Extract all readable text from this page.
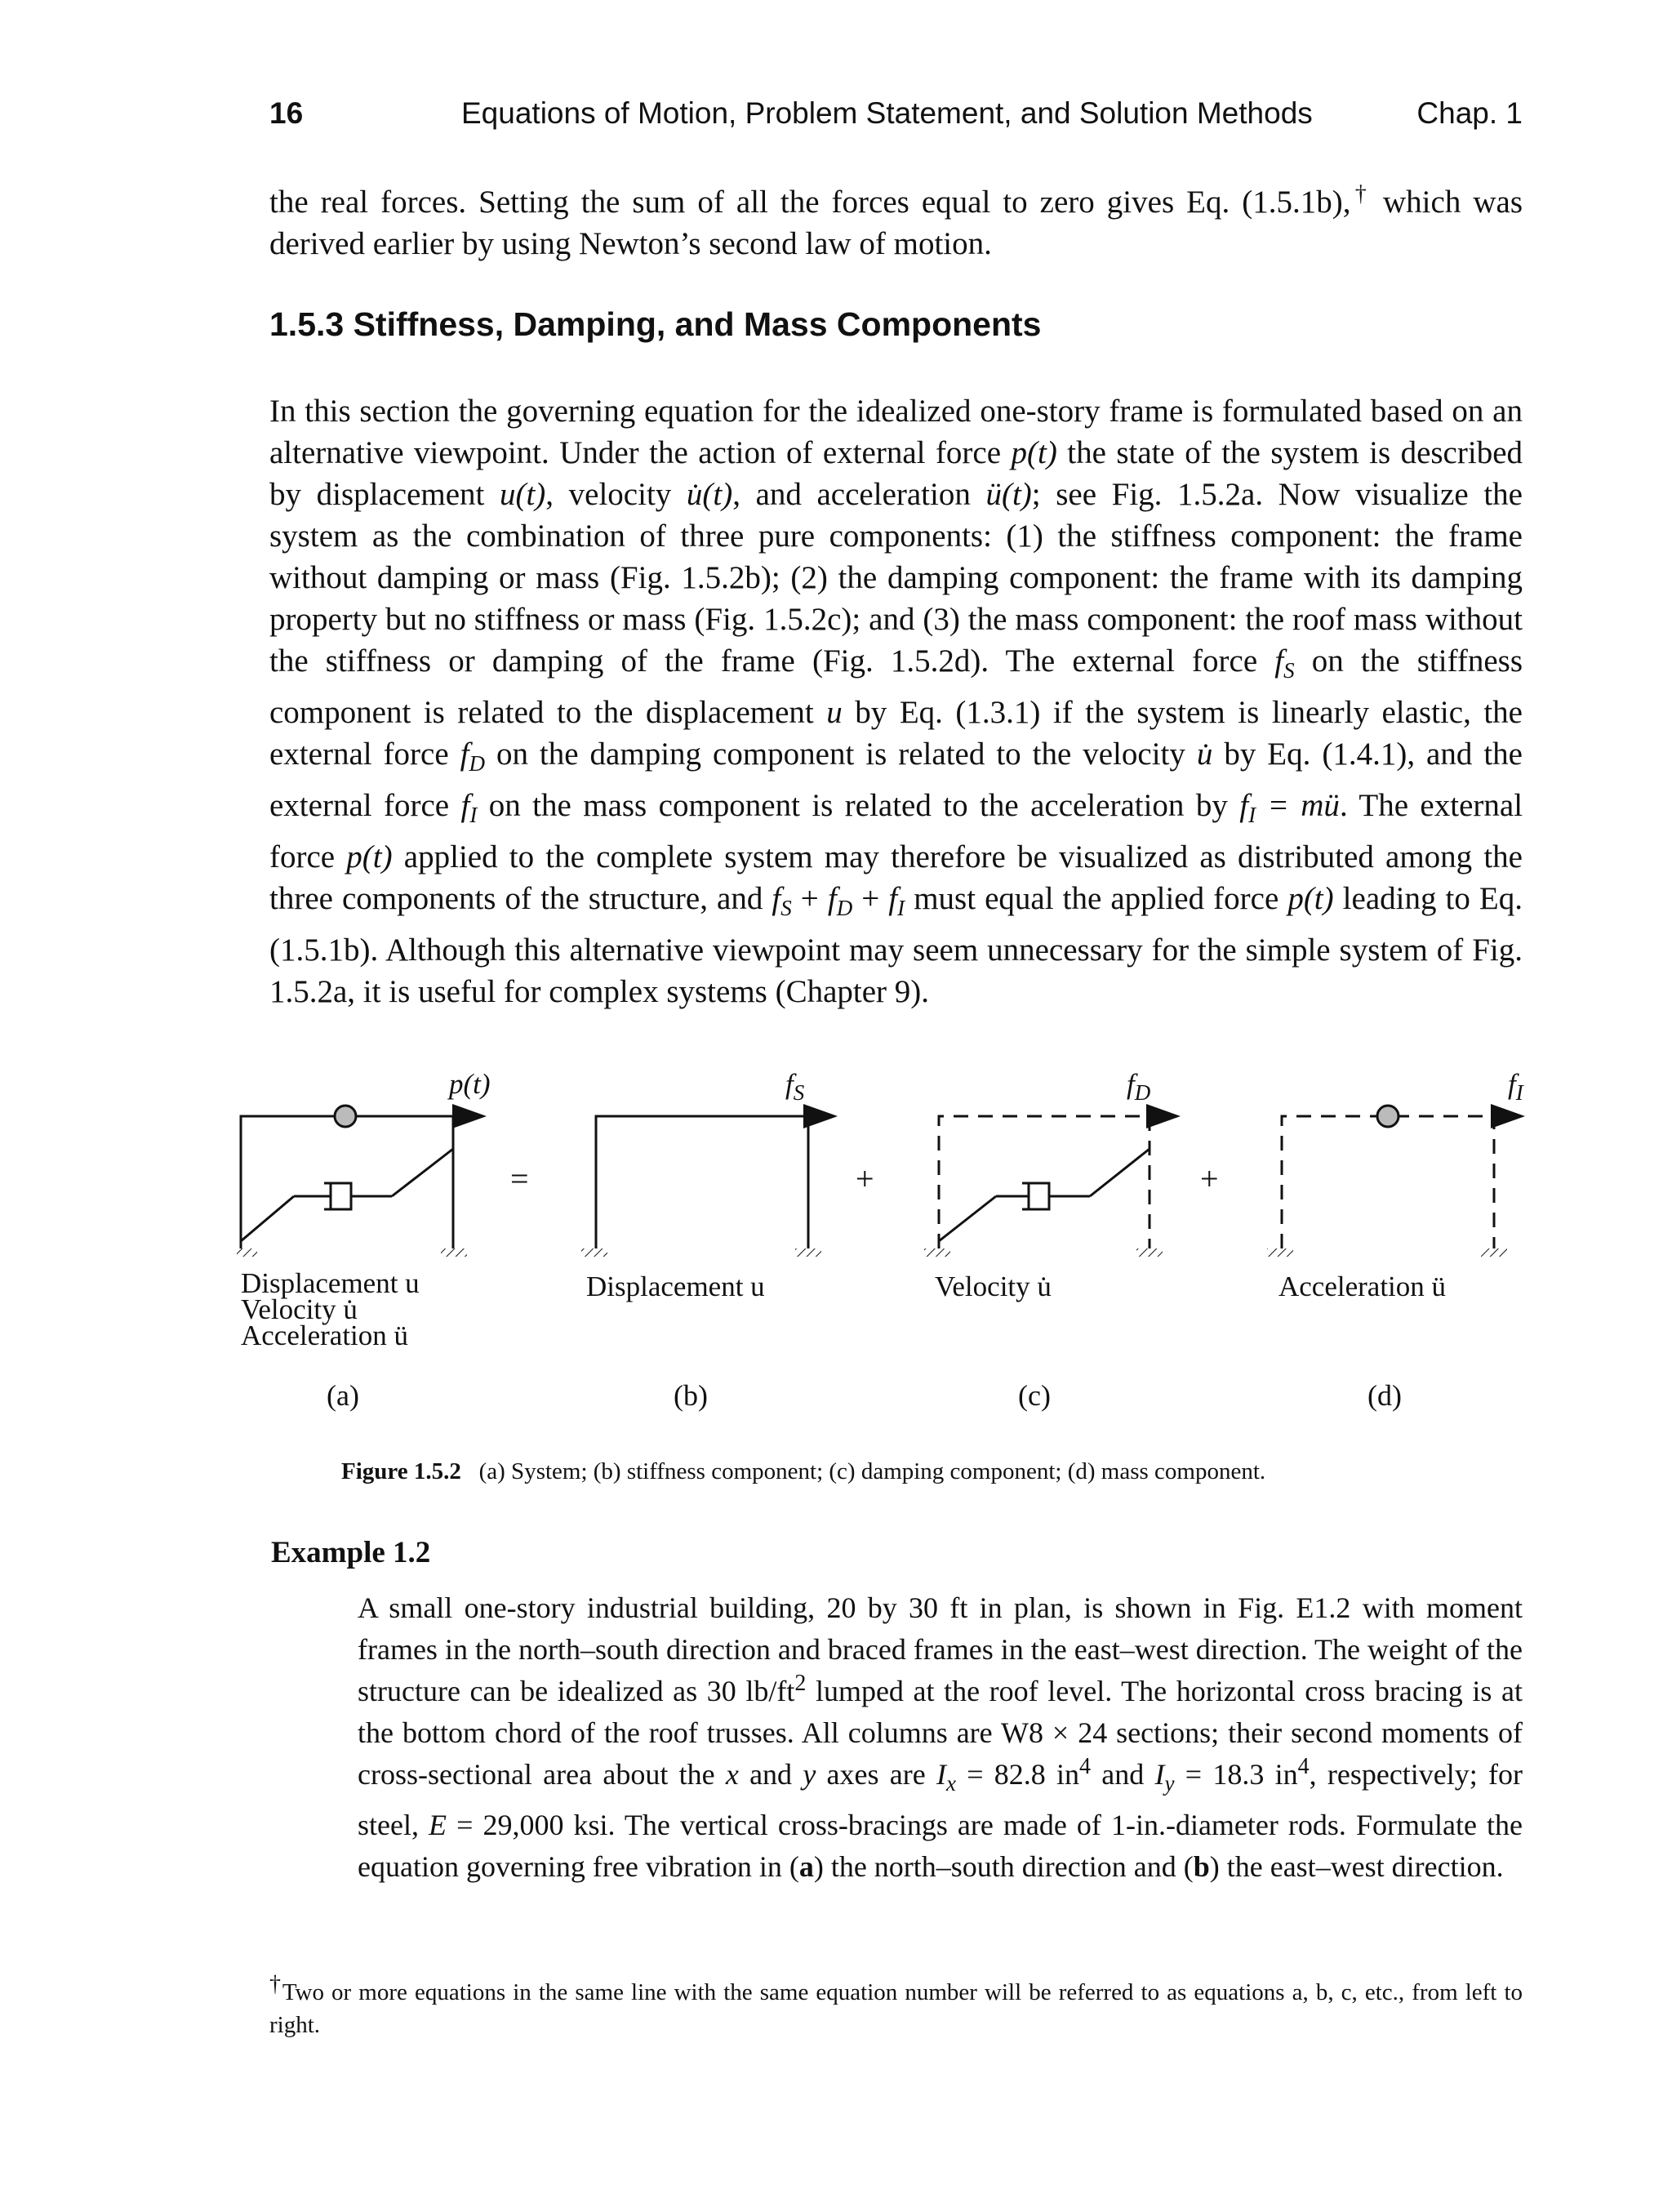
16	Equations of Motion, Problem Statement, and Solution Methods	Chap. 1
the real forces. Setting the sum of all the forces equal to zero gives Eq. (1.5.1b),† which was derived earlier by using Newton’s second law of motion.
1.5.3 Stiffness, Damping, and Mass Components
In this section the governing equation for the idealized one-story frame is formulated based on an alternative viewpoint. Under the action of external force p(t) the state of the system is described by displacement u(t), velocity u̇(t), and acceleration ü(t); see Fig. 1.5.2a. Now visualize the system as the combination of three pure components: (1) the stiffness component: the frame without damping or mass (Fig. 1.5.2b); (2) the damping component: the frame with its damping property but no stiffness or mass (Fig. 1.5.2c); and (3) the mass component: the roof mass without the stiffness or damping of the frame (Fig. 1.5.2d). The external force $f_S$ on the stiffness component is related to the displacement u by Eq. (1.3.1) if the system is linearly elastic, the external force $f_D$ on the damping component is related to the velocity u̇ by Eq. (1.4.1), and the external force $f_I$ on the mass component is related to the acceleration by $f_I$ = mü. The external force p(t) applied to the complete system may therefore be visualized as distributed among the three components of the structure, and $f_S + f_D + f_I$ must equal the applied force p(t) leading to Eq. (1.5.1b). Although this alternative viewpoint may seem unnecessary for the simple system of Fig. 1.5.2a, it is useful for complex systems (Chapter 9).
p(t)	$f_S$	$f_D$	$f_I$
=	+	+
Displacement u
Velocity u̇
Acceleration ü
Displacement u	Velocity u̇	Acceleration ü
(a)	(b)	(c)	(d)
Figure 1.5.2 (a) System; (b) stiffness component; (c) damping component; (d) mass component.
Example 1.2
A small one-story industrial building, 20 by 30 ft in plan, is shown in Fig. E1.2 with moment frames in the north–south direction and braced frames in the east–west direction. The weight of the structure can be idealized as 30 lb/ft$^2$ lumped at the roof level. The horizontal cross bracing is at the bottom chord of the roof trusses. All columns are W8 × 24 sections; their second moments of cross-sectional area about the x and y axes are $I_x = 82.8$ in$^4$ and $I_y = 18.3$ in$^4$, respectively; for steel, E = 29,000 ksi. The vertical cross-bracings are made of 1-in.-diameter rods. Formulate the equation governing free vibration in (a) the north–south direction and (b) the east–west direction.
†Two or more equations in the same line with the same equation number will be referred to as equations a, b, c, etc., from left to right.
